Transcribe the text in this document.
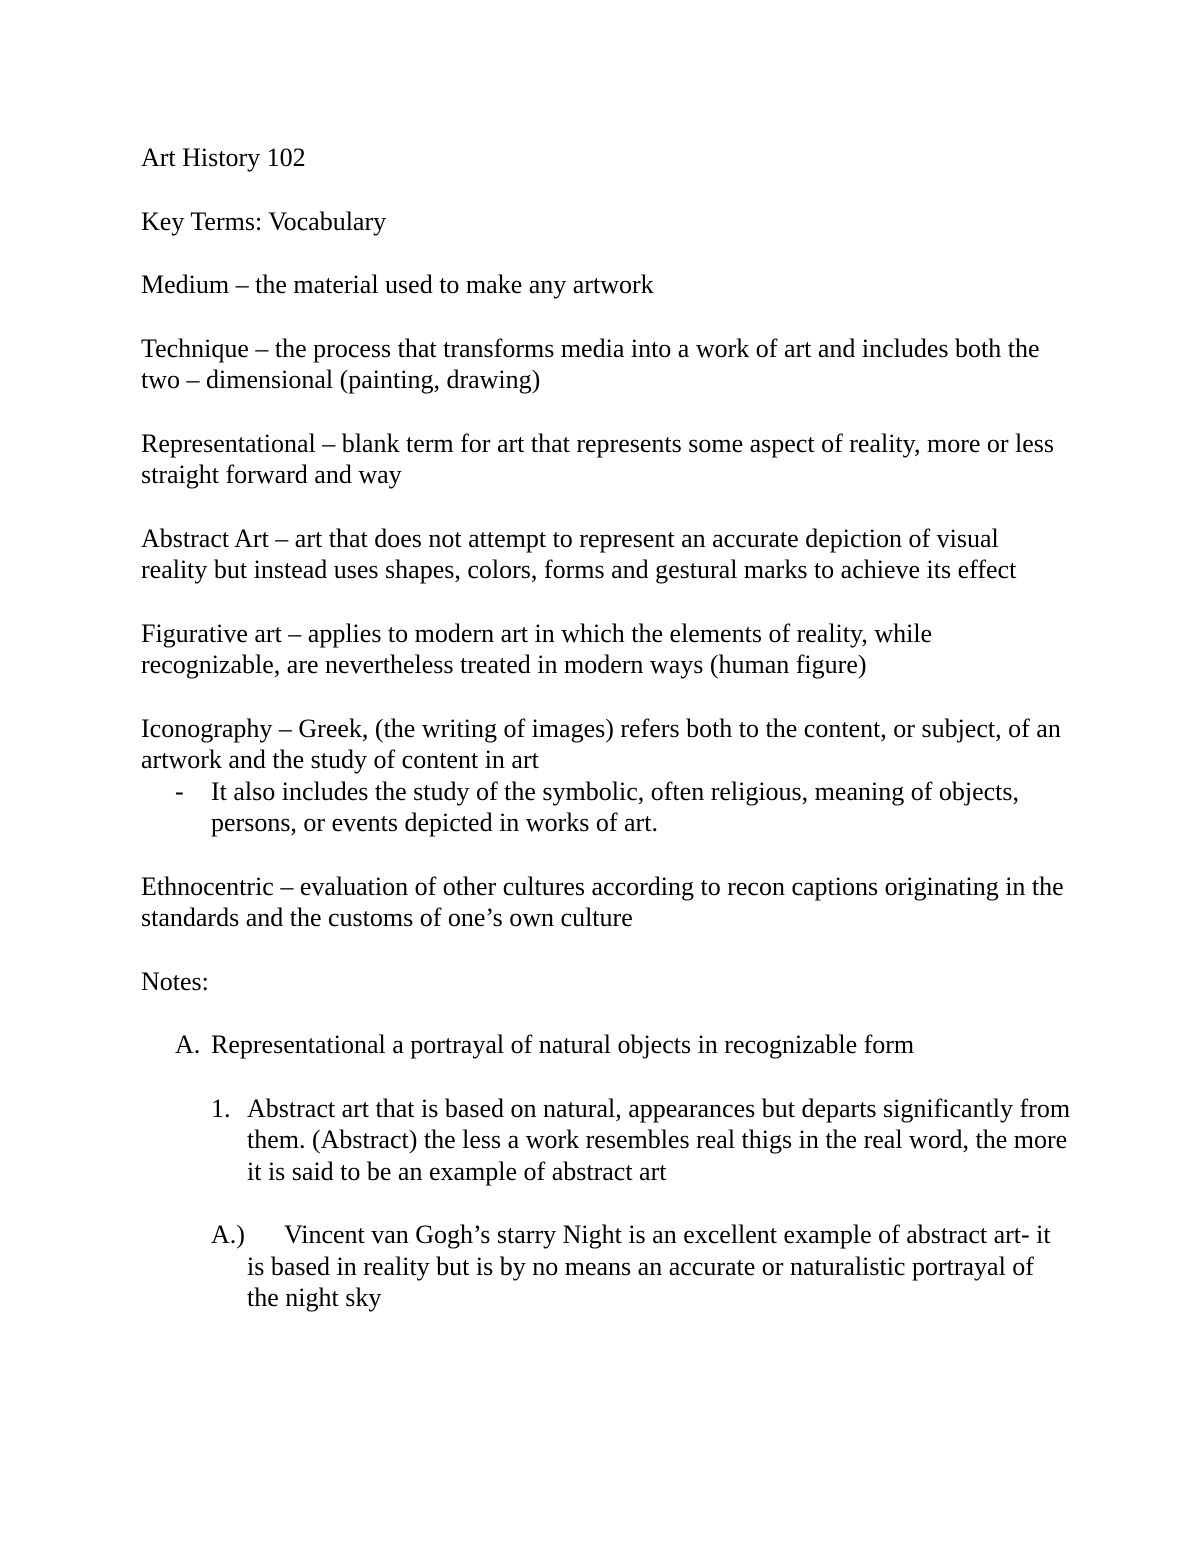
Art History 102

Key Terms: Vocabulary

Medium – the material used to make any artwork

Technique – the process that transforms media into a work of art and includes both the two – dimensional (painting, drawing)

Representational – blank term for art that represents some aspect of reality, more or less straight forward and way

Abstract Art – art that does not attempt to represent an accurate depiction of visual reality but instead uses shapes, colors, forms and gestural marks to achieve its effect

Figurative art – applies to modern art in which the elements of reality, while recognizable, are nevertheless treated in modern ways (human figure)

Iconography – Greek, (the writing of images) refers both to the content, or subject, of an artwork and the study of content in art

- It also includes the study of the symbolic, often religious, meaning of objects, persons, or events depicted in works of art.

Ethnocentric – evaluation of other cultures according to recon captions originating in the standards and the customs of one’s own culture

Notes:

A. Representational a portrayal of natural objects in recognizable form
1. Abstract art that is based on natural, appearances but departs significantly from them. (Abstract) the less a work resembles real thigs in the real word, the more it is said to be an example of abstract art
A.) Vincent van Gogh’s starry Night is an excellent example of abstract art- it is based in reality but is by no means an accurate or naturalistic portrayal of the night sky
